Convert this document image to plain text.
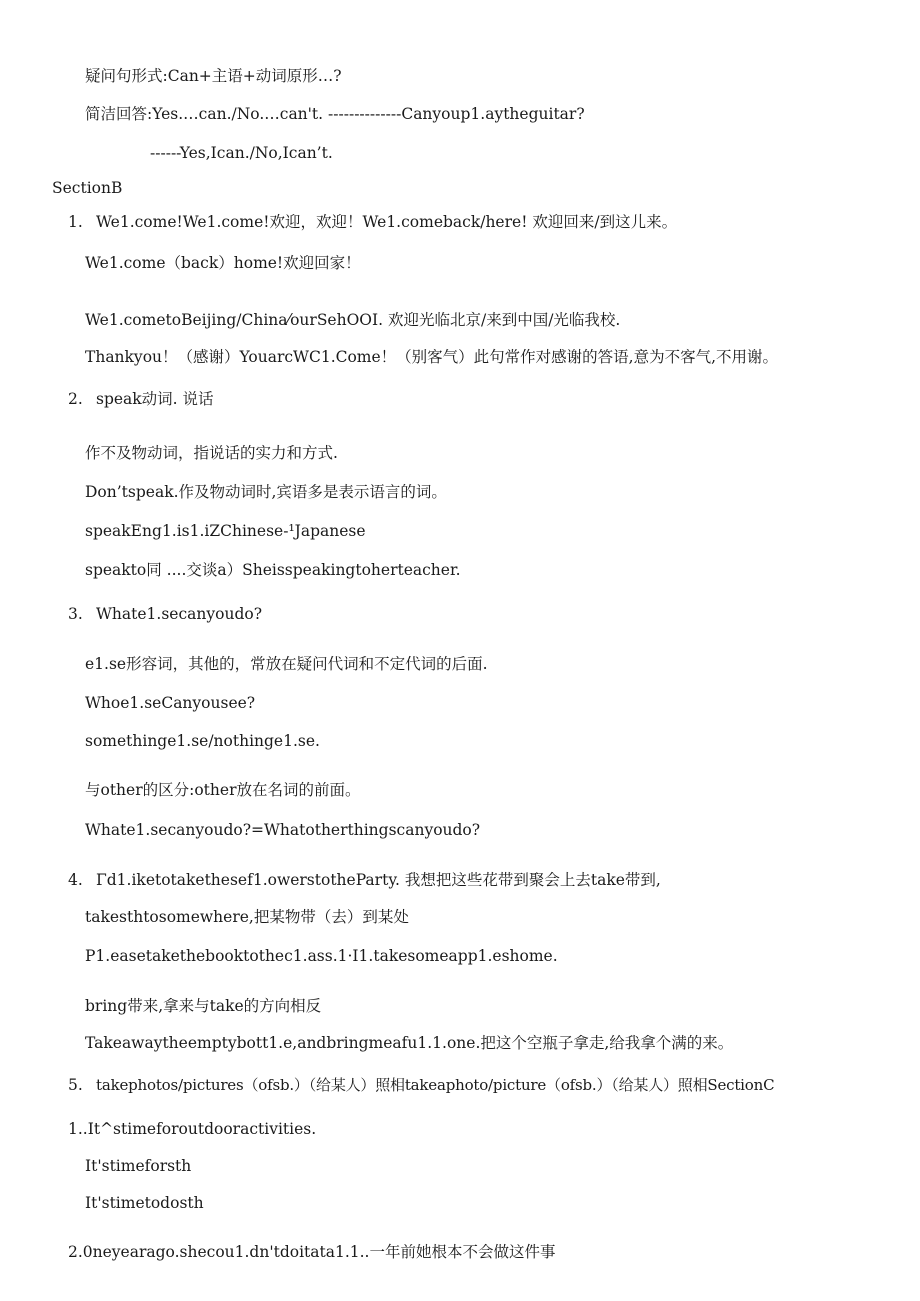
疑问句形式:Can+主语+动词原形…?
简洁回答:Yes.…can./No.…can't. --------------Canyoup1.aytheguitar?
------Yes,Ican./No,Ican’t.
SectionB
1. We1.come!We1.come!欢迎，欢迎！We1.comeback/here! 欢迎回来/到这儿来。
We1.come（back）home!欢迎回家！
We1.cometoBeijing/China⁄ourSehOOI. 欢迎光临北京/来到中国/光临我校.
Thankyou！（感谢）YouarcWC1.Come！（别客气）此句常作对感谢的答语,意为不客气,不用谢。
2. speak动词. 说话
作不及物动词，指说话的实力和方式.
Don’tspeak.作及物动词时,宾语多是表示语言的词。
speakEng1.is1.iZChinese-¹Japanese
speakto同 ....交谈a）Sheisspeakingtoherteacher.
3. Whate1.secanyoudo?
e1.se形容词，其他的，常放在疑问代词和不定代词的后面.
Whoe1.seCanyousee?
somethinge1.se/nothinge1.se.
与other的区分:other放在名词的前面。
Whate1.secanyoudo?=Whatotherthingscanyoudo?
4. Γd1.iketotakethesef1.owerstotheParty. 我想把这些花带到聚会上去take带到,
takesthtosomewhere,把某物带（去）到某处
P1.easetakethebooktothec1.ass.1·I1.takesomeapp1.eshome.
bring带来,拿来与take的方向相反
Takeawaytheemptybott1.e,andbringmeafu1.1.one.把这个空瓶子拿走,给我拿个满的来。
5. takephotos/pictures（ofsb.）（给某人）照相takeaphoto/picture（ofsb.）（给某人）照相SectionC
1..It^stimeforoutdooractivities.
It'stimeforsth
It'stimetodosth
2.0neyearago.shecou1.dn'tdoitata1.1..一年前她根本不会做这件事
